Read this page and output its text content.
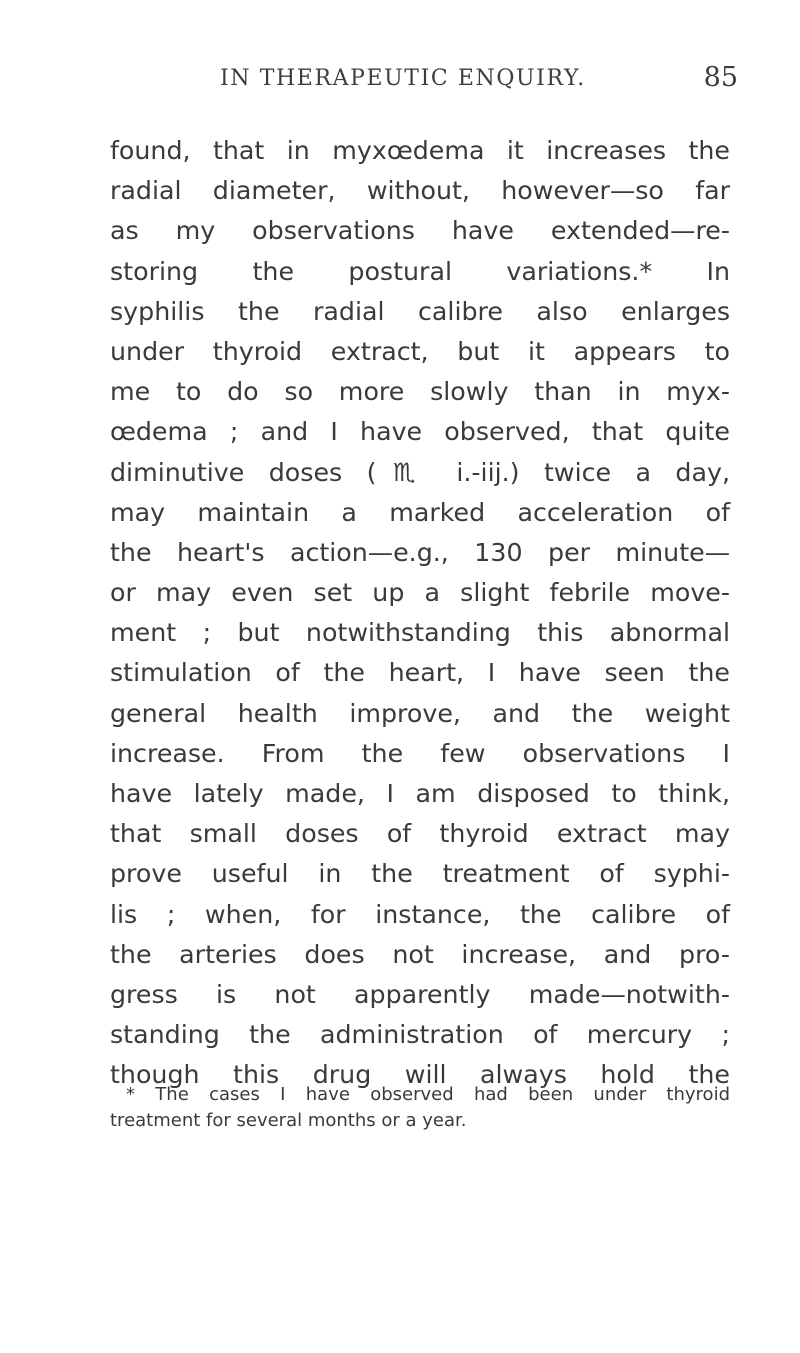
IN THERAPEUTIC ENQUIRY.	85
found, that in myxœdema it increases the
radial diameter, without, however—so far
as my observations have extended—re-
storing the postural variations.* In
syphilis the radial calibre also enlarges
under thyroid extract, but it appears to
me to do so more slowly than in myx-
œdema ; and I have observed, that quite
diminutive doses (♏ i.-iij.) twice a day,
may maintain a marked acceleration of
the heart's action—e.g., 130 per minute—
or may even set up a slight febrile move-
ment ; but notwithstanding this abnormal
stimulation of the heart, I have seen the
general health improve, and the weight
increase. From the few observations I
have lately made, I am disposed to think,
that small doses of thyroid extract may
prove useful in the treatment of syphi-
lis ; when, for instance, the calibre of
the arteries does not increase, and pro-
gress is not apparently made—notwith-
standing the administration of mercury ;
though this drug will always hold the
* The cases I have observed had been under thyroid
treatment for several months or a year.
